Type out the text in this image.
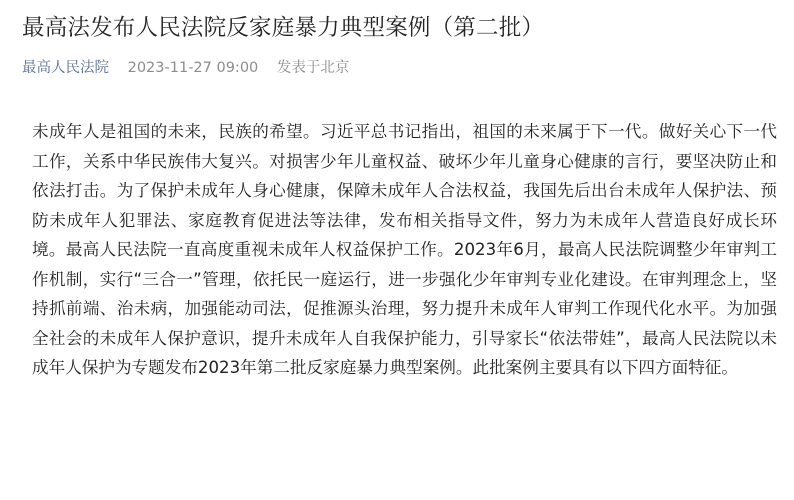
最高法发布人民法院反家庭暴力典型案例（第二批）
最高人民法院 2023-11-27 09:00 发表于北京
未成年人是祖国的未来，民族的希望。习近平总书记指出，祖国的未来属于下一代。做好关心下一代工作，关系中华民族伟大复兴。对损害少年儿童权益、破坏少年儿童身心健康的言行，要坚决防止和依法打击。为了保护未成年人身心健康，保障未成年人合法权益，我国先后出台未成年人保护法、预防未成年人犯罪法、家庭教育促进法等法律，发布相关指导文件，努力为未成年人营造良好成长环境。最高人民法院一直高度重视未成年人权益保护工作。2023年6月，最高人民法院调整少年审判工作机制，实行“三合一”管理，依托民一庭运行，进一步强化少年审判专业化建设。在审判理念上，坚持抓前端、治未病，加强能动司法，促推源头治理，努力提升未成年人审判工作现代化水平。为加强全社会的未成年人保护意识，提升未成年人自我保护能力，引导家长“依法带娃”，最高人民法院以未成年人保护为专题发布2023年第二批反家庭暴力典型案例。此批案例主要具有以下四方面特征。
